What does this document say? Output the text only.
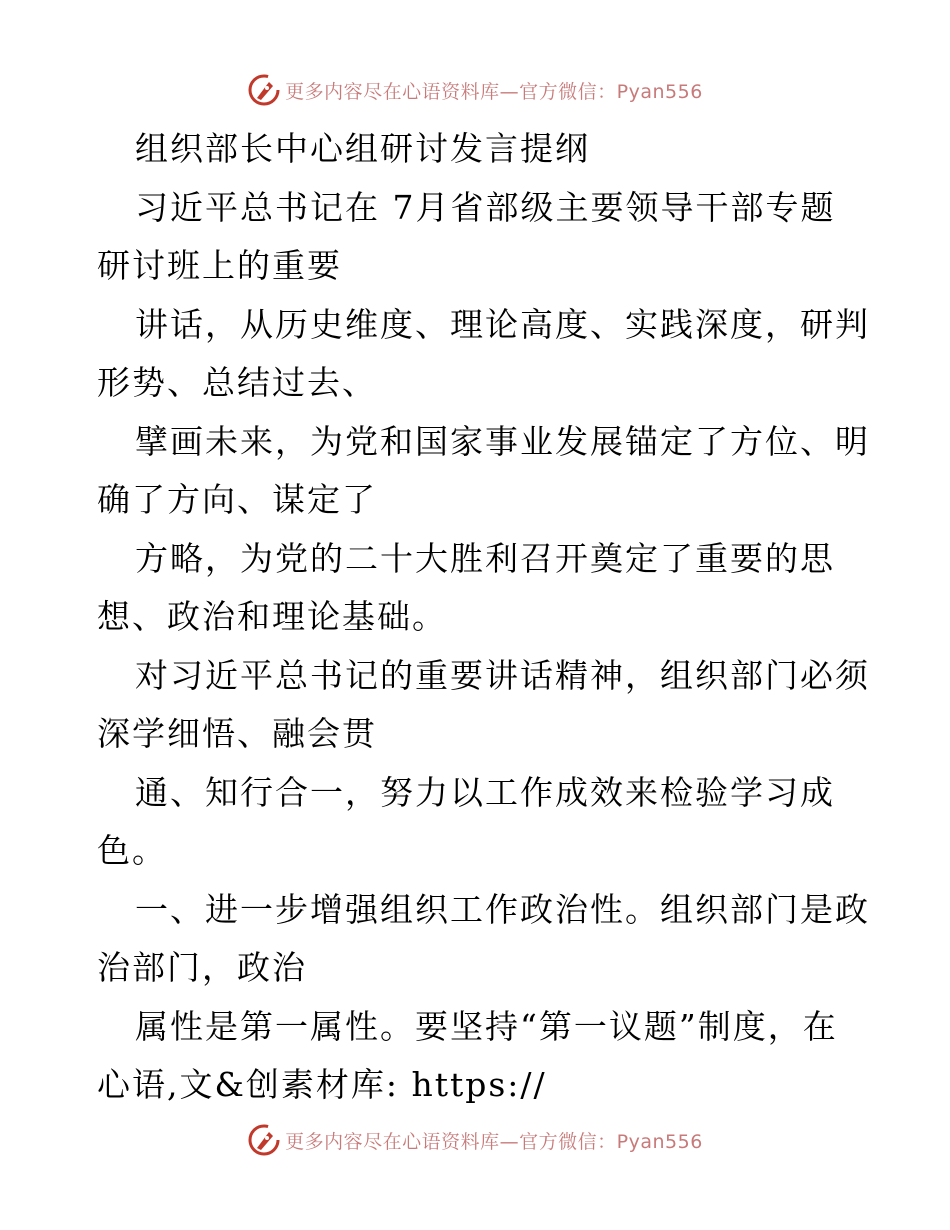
更多内容尽在心语资料库—官方微信：Pyan556
组织部长中心组研讨发言提纲
习近平总书记在 7月省部级主要领导干部专题
研讨班上的重要
讲话，从历史维度、理论高度、实践深度，研判
形势、总结过去、
擘画未来，为党和国家事业发展锚定了方位、明
确了方向、谋定了
方略，为党的二十大胜利召开奠定了重要的思
想、政治和理论基础。
对习近平总书记的重要讲话精神，组织部门必须
深学细悟、融会贯
通、知行合一，努力以工作成效来检验学习成
色。
一、进一步增强组织工作政治性。组织部门是政
治部门，政治
属性是第一属性。要坚持“第一议题”制度，在
心语,文&创素材库: https://
更多内容尽在心语资料库—官方微信：Pyan556
